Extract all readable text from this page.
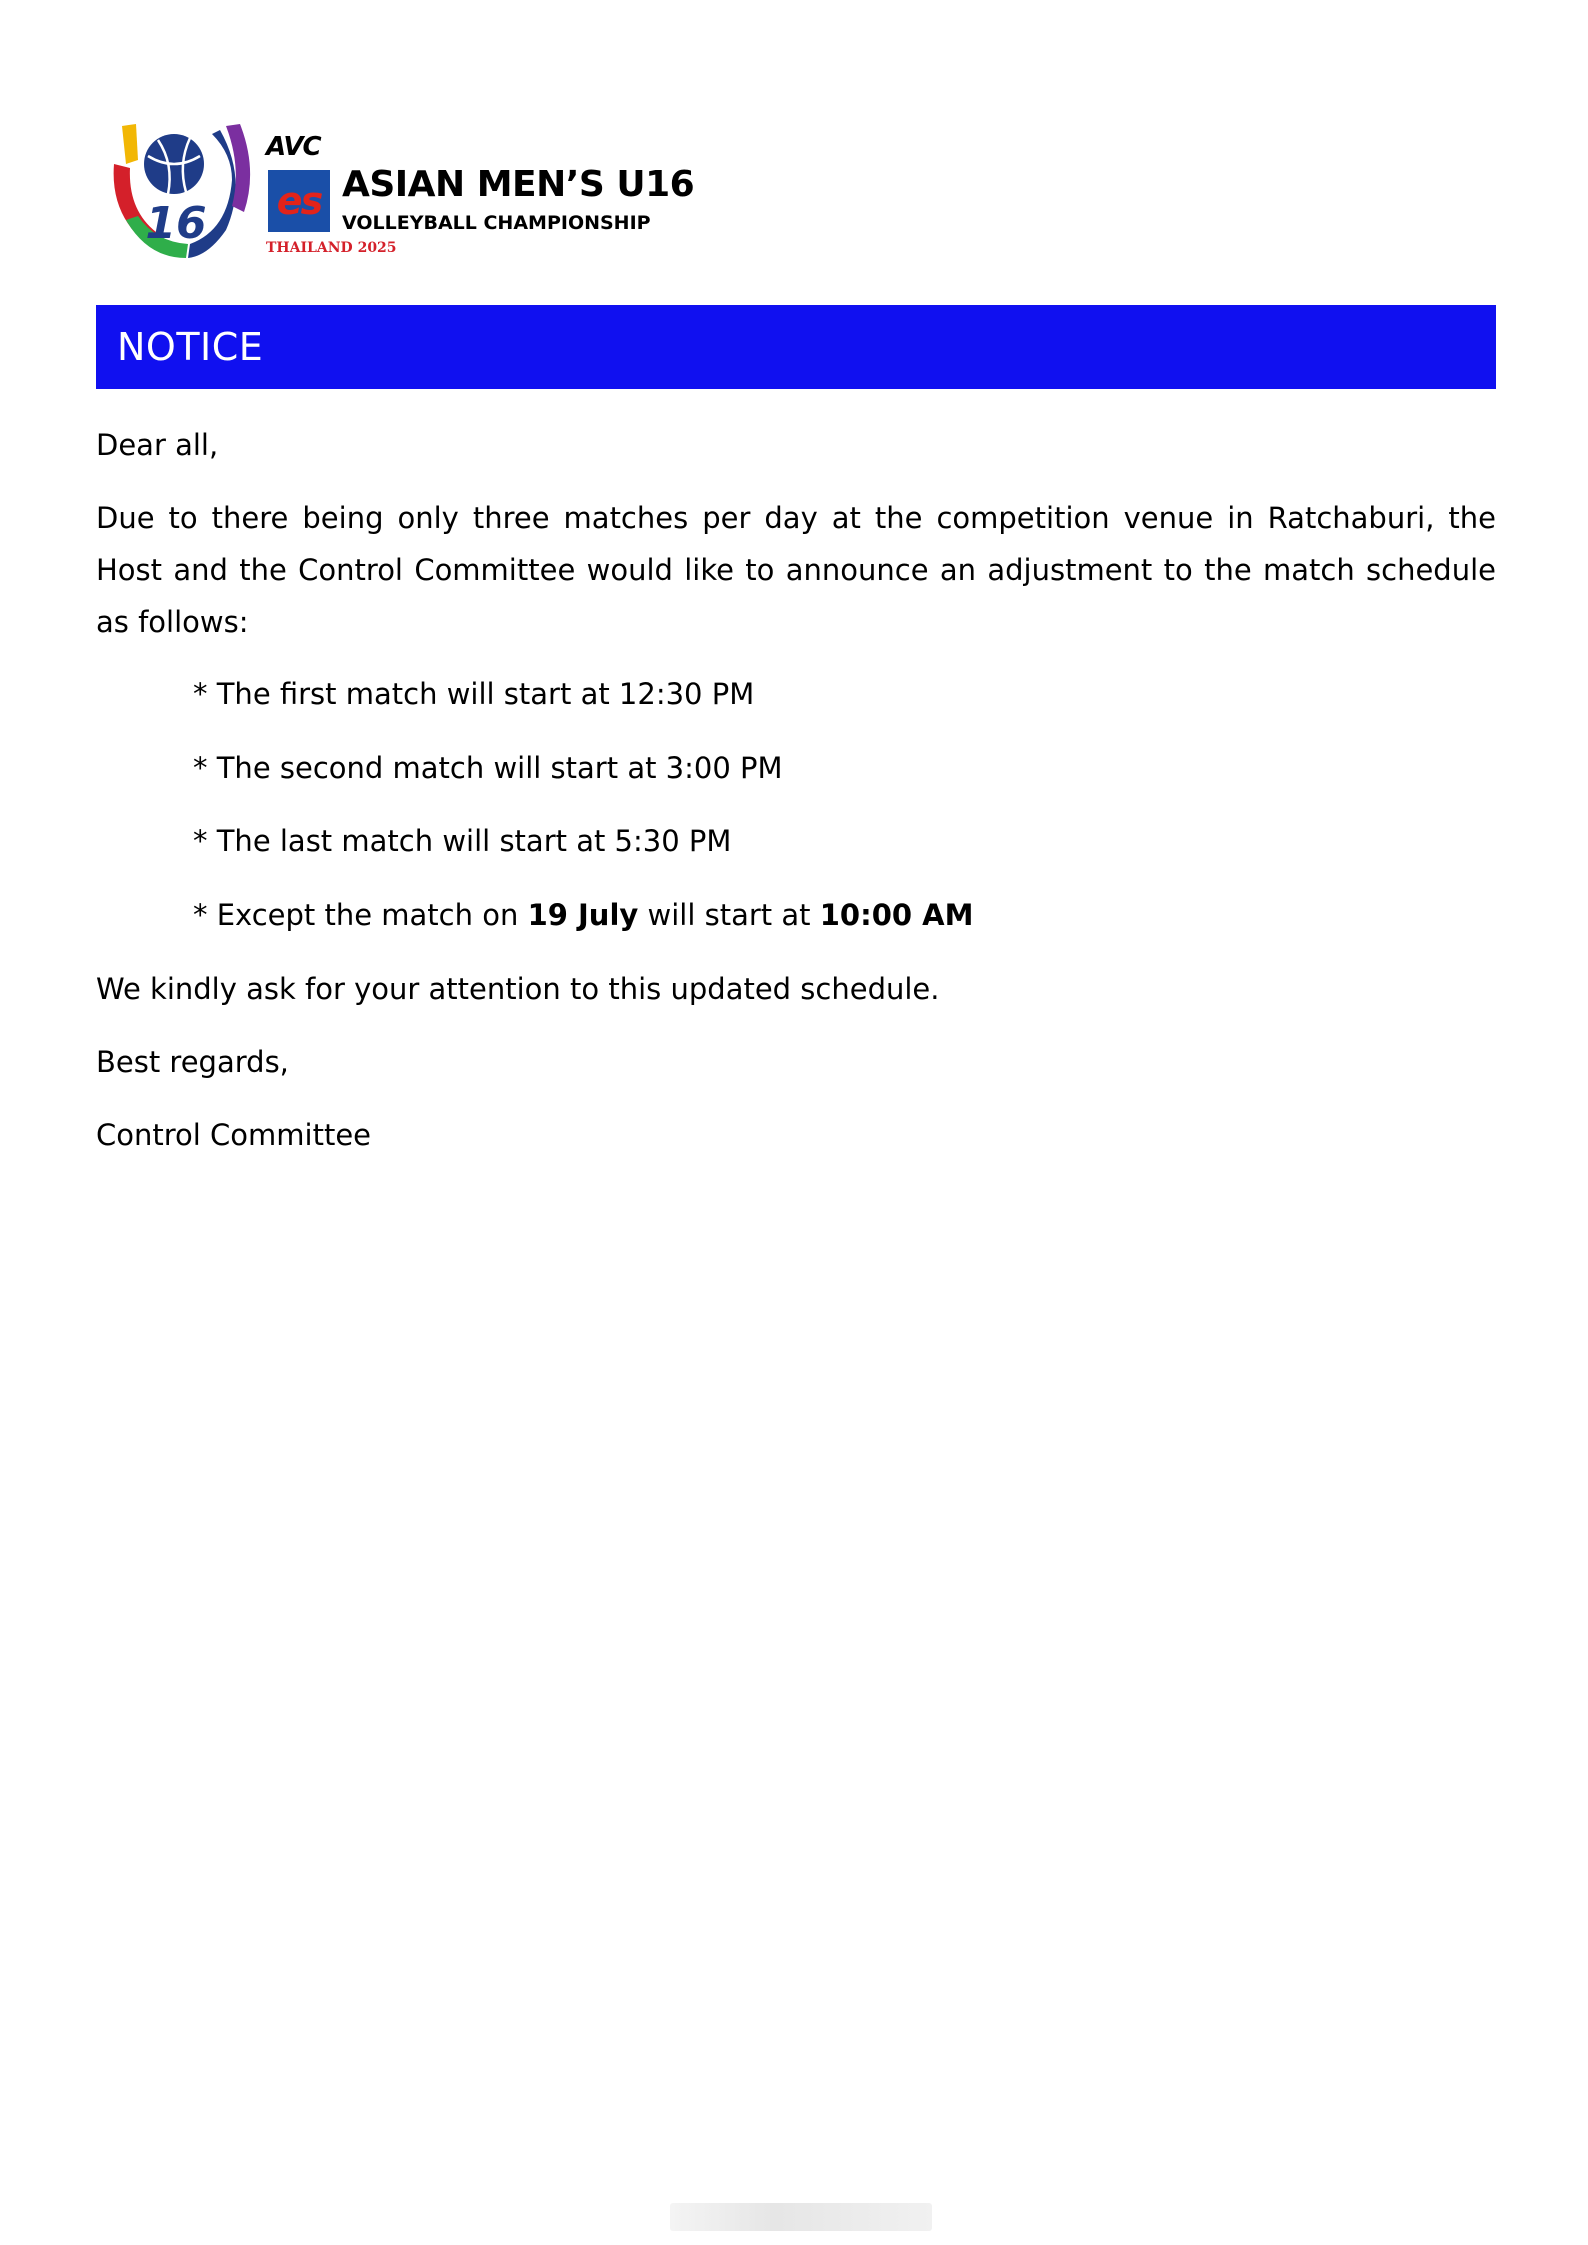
16
AVC
es ASIAN MEN’S U16
VOLLEYBALL CHAMPIONSHIP
THAILAND 2025
NOTICE
Dear all,
Due to there being only three matches per day at the competition venue in Ratchaburi, the Host and the Control Committee would like to announce an adjustment to the match schedule as follows:
* The first match will start at 12:30 PM
* The second match will start at 3:00 PM
* The last match will start at 5:30 PM
* Except the match on 19 July will start at 10:00 AM
We kindly ask for your attention to this updated schedule.
Best regards,
Control Committee
